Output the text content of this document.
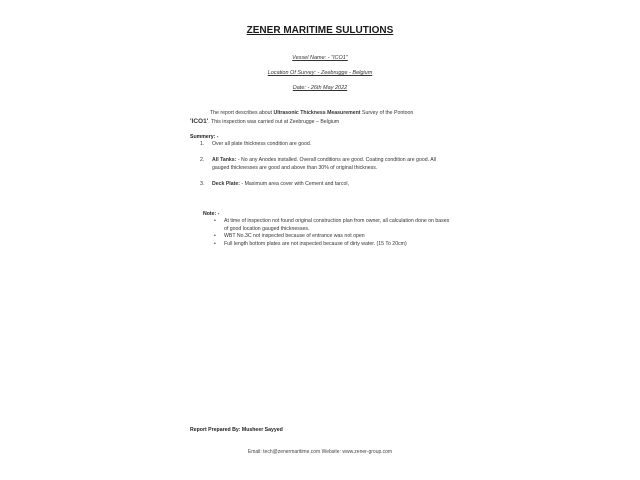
ZENER MARITIME SULUTIONS
Vessel Name: - "ICO1"
Location Of Survey: - Zeebrugge - Belgium
Date: - 26th May 2022
The report describes about Ultrasonic Thickness Measurement Survey of the Pontoon
'ICO1'. This inspection was carried out at Zeebrugge – Belgium
Summery: -
1. Over all plate thickness condition are good.
2. All Tanks: - No any Anodes installed. Overall conditions are good. Coating condition are good. All gauged thicknesses are good and above than 30% of original thickness.
3. Deck Plate: - Maximum area cover with Cement and tarcol,
Note: -
• At time of inspection not found original construction plan from owner, all calculation done on bases of good location gauged thicknesses.
• WBT No.3C not inspected because of entrance was not open
• Full length bottom plates are not inspected because of dirty water. (15 To 20cm)
Report Prepared By: Musheer Sayyed
Email: tech@zenermaritime.com Website: www.zener-group.com
